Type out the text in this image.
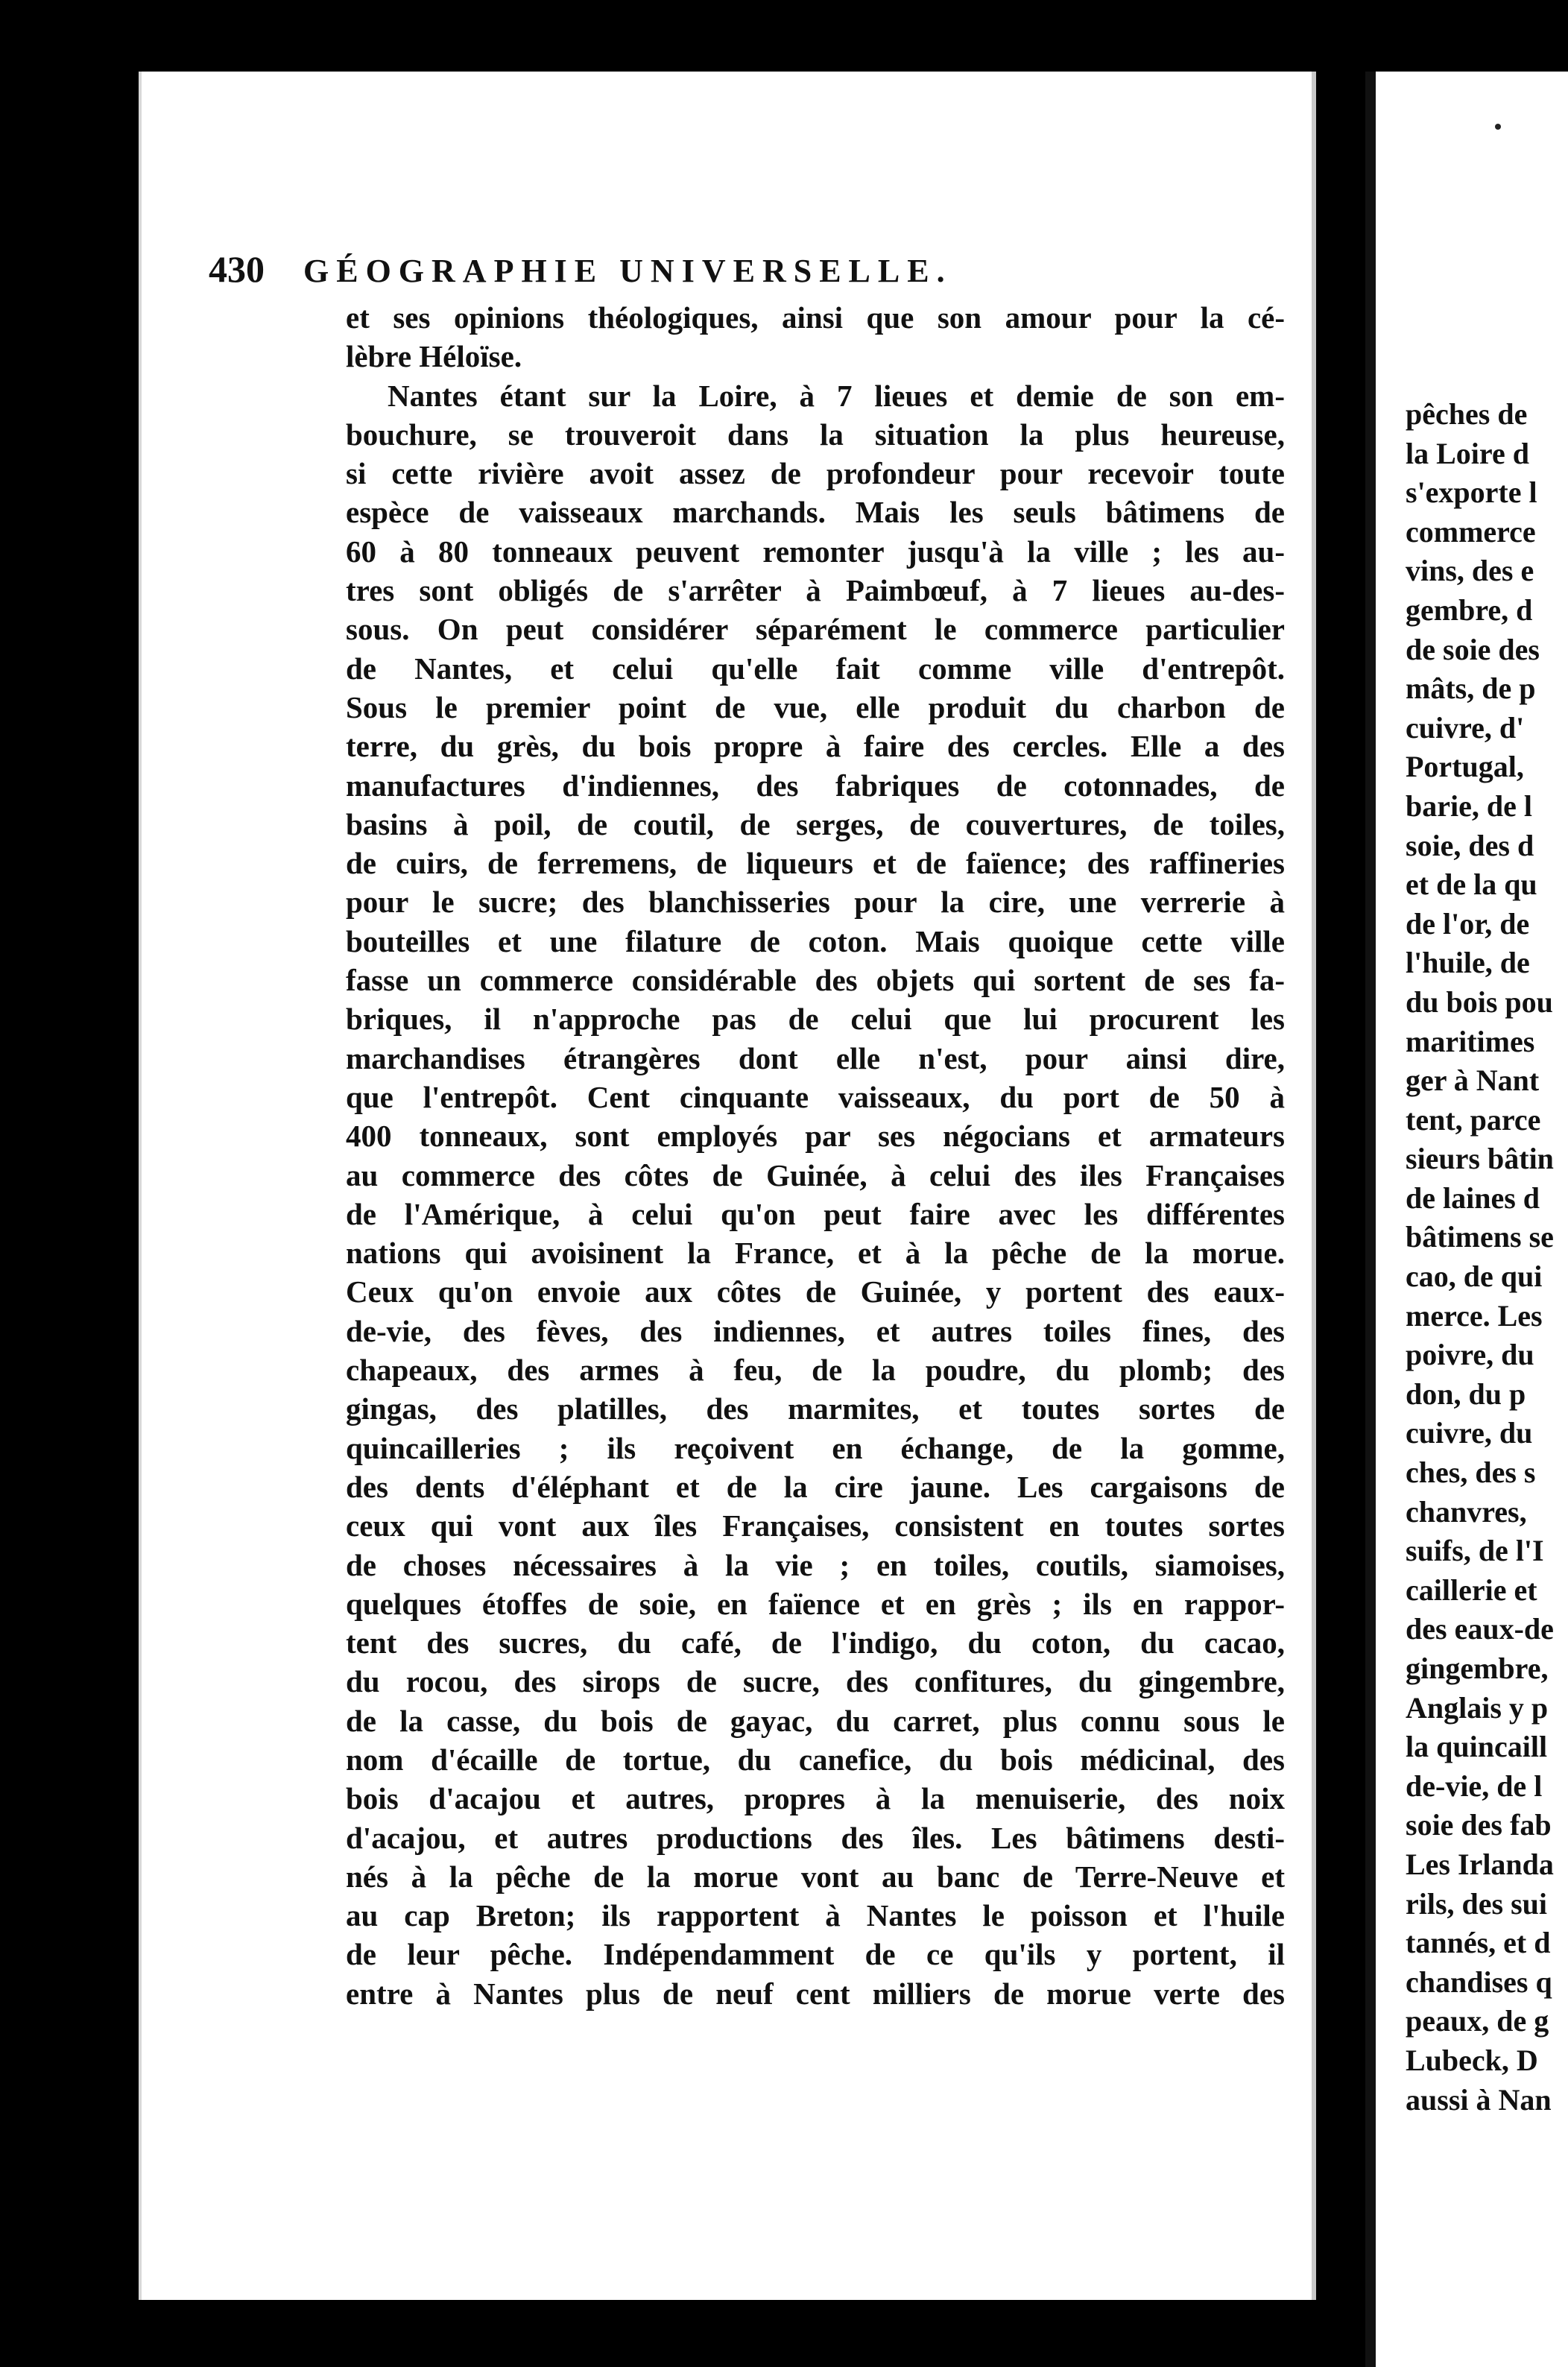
430 GÉOGRAPHIE UNIVERSELLE.
et ses opinions théologiques, ainsi que son amour pour la cé-
lèbre Héloïse.
Nantes étant sur la Loire, à 7 lieues et demie de son em-
bouchure, se trouveroit dans la situation la plus heureuse,
si cette rivière avoit assez de profondeur pour recevoir toute
espèce de vaisseaux marchands. Mais les seuls bâtimens de
60 à 80 tonneaux peuvent remonter jusqu'à la ville ; les au-
tres sont obligés de s'arrêter à Paimbœuf, à 7 lieues au-des-
sous. On peut considérer séparément le commerce particulier
de Nantes, et celui qu'elle fait comme ville d'entrepôt.
Sous le premier point de vue, elle produit du charbon de
terre, du grès, du bois propre à faire des cercles. Elle a des
manufactures d'indiennes, des fabriques de cotonnades, de
basins à poil, de coutil, de serges, de couvertures, de toiles,
de cuirs, de ferremens, de liqueurs et de faïence; des raffineries
pour le sucre; des blanchisseries pour la cire, une verrerie à
bouteilles et une filature de coton. Mais quoique cette ville
fasse un commerce considérable des objets qui sortent de ses fa-
briques, il n'approche pas de celui que lui procurent les
marchandises étrangères dont elle n'est, pour ainsi dire,
que l'entrepôt. Cent cinquante vaisseaux, du port de 50 à
400 tonneaux, sont employés par ses négocians et armateurs
au commerce des côtes de Guinée, à celui des iles Françaises
de l'Amérique, à celui qu'on peut faire avec les différentes
nations qui avoisinent la France, et à la pêche de la morue.
Ceux qu'on envoie aux côtes de Guinée, y portent des eaux-
de-vie, des fèves, des indiennes, et autres toiles fines, des
chapeaux, des armes à feu, de la poudre, du plomb; des
gingas, des platilles, des marmites, et toutes sortes de
quincailleries ; ils reçoivent en échange, de la gomme,
des dents d'éléphant et de la cire jaune. Les cargaisons de
ceux qui vont aux îles Françaises, consistent en toutes sortes
de choses nécessaires à la vie ; en toiles, coutils, siamoises,
quelques étoffes de soie, en faïence et en grès ; ils en rappor-
tent des sucres, du café, de l'indigo, du coton, du cacao,
du rocou, des sirops de sucre, des confitures, du gingembre,
de la casse, du bois de gayac, du carret, plus connu sous le
nom d'écaille de tortue, du canefice, du bois médicinal, des
bois d'acajou et autres, propres à la menuiserie, des noix
d'acajou, et autres productions des îles. Les bâtimens desti-
nés à la pêche de la morue vont au banc de Terre-Neuve et
au cap Breton; ils rapportent à Nantes le poisson et l'huile
de leur pêche. Indépendamment de ce qu'ils y portent, il
entre à Nantes plus de neuf cent milliers de morue verte des
pêches de
la Loire d
s'exporte l
commerce
vins, des e
gembre, d
de soie des
mâts, de p
cuivre, d'
Portugal,
barie, de l
soie, des d
et de la qu
de l'or, de
l'huile, de
du bois pou
maritimes
ger à Nant
tent, parce
sieurs bâtin
de laines d
bâtimens se
cao, de qui
merce. Les
poivre, du
don, du p
cuivre, du
ches, des s
chanvres,
suifs, de l'I
caillerie et
des eaux-de
gingembre,
Anglais y p
la quincaill
de-vie, de l
soie des fab
Les Irlanda
rils, des sui
tannés, et d
chandises q
peaux, de g
Lubeck, D
aussi à Nan
